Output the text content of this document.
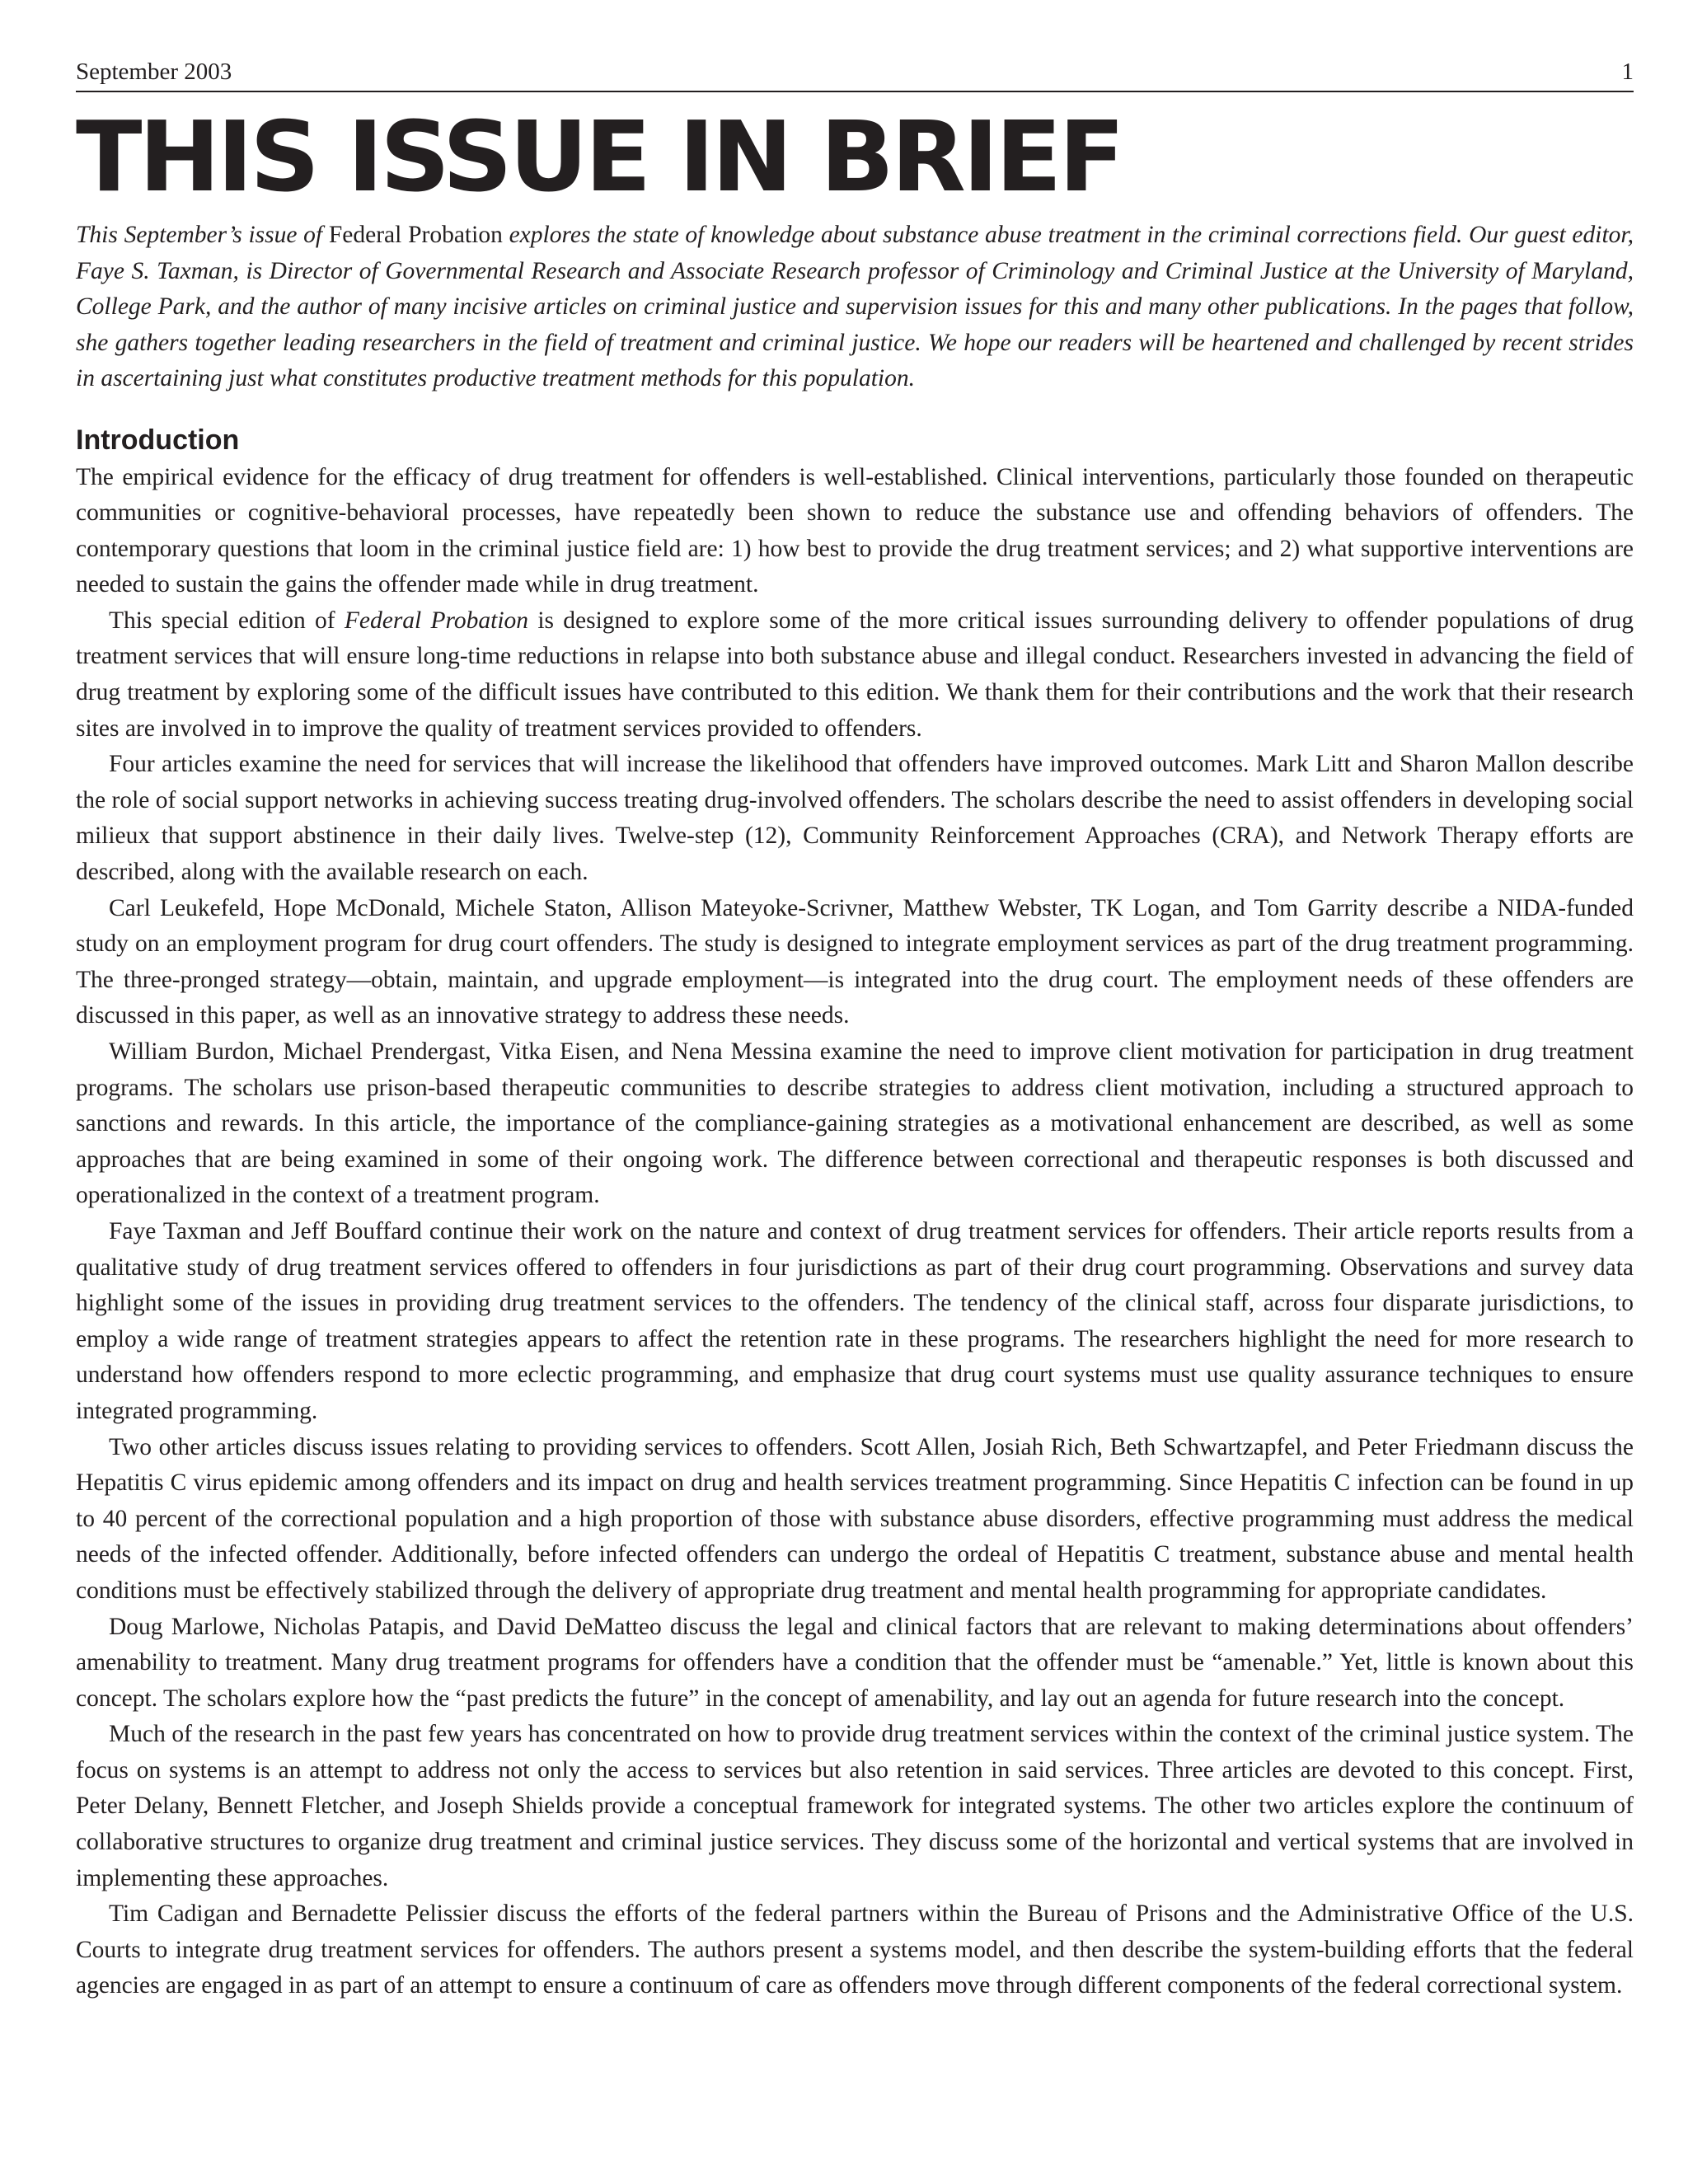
September 2003	1
THIS ISSUE IN BRIEF

This September’s issue of Federal Probation explores the state of knowledge about substance abuse treatment in the criminal corrections field. Our guest editor, Faye S. Taxman, is Director of Governmental Research and Associate Research professor of Criminology and Criminal Justice at the University of Maryland, College Park, and the author of many incisive articles on criminal justice and supervision issues for this and many other publications. In the pages that follow, she gathers together leading researchers in the field of treatment and criminal justice. We hope our readers will be heartened and challenged by recent strides in ascertaining just what constitutes productive treatment methods for this population.

Introduction

The empirical evidence for the efficacy of drug treatment for offenders is well-established. Clinical interventions, particularly those founded on therapeutic communities or cognitive-behavioral processes, have repeatedly been shown to reduce the substance use and offending behaviors of offenders. The contemporary questions that loom in the criminal justice field are: 1) how best to provide the drug treatment services; and 2) what supportive interventions are needed to sustain the gains the offender made while in drug treatment.

This special edition of Federal Probation is designed to explore some of the more critical issues surrounding delivery to offender populations of drug treatment services that will ensure long-time reductions in relapse into both substance abuse and illegal conduct. Researchers invested in advancing the field of drug treatment by exploring some of the difficult issues have contributed to this edition. We thank them for their contributions and the work that their research sites are involved in to improve the quality of treatment services provided to offenders.

Four articles examine the need for services that will increase the likelihood that offenders have improved outcomes. Mark Litt and Sharon Mallon describe the role of social support networks in achieving success treating drug-involved offenders. The scholars describe the need to assist offenders in developing social milieux that support abstinence in their daily lives. Twelve-step (12), Community Reinforcement Approaches (CRA), and Network Therapy efforts are described, along with the available research on each.

Carl Leukefeld, Hope McDonald, Michele Staton, Allison Mateyoke-Scrivner, Matthew Webster, TK Logan, and Tom Garrity describe a NIDA-funded study on an employment program for drug court offenders. The study is designed to integrate employment services as part of the drug treatment programming. The three-pronged strategy—obtain, maintain, and upgrade employment—is integrated into the drug court. The employment needs of these offenders are discussed in this paper, as well as an innovative strategy to address these needs.

William Burdon, Michael Prendergast, Vitka Eisen, and Nena Messina examine the need to improve client motivation for participation in drug treatment programs. The scholars use prison-based therapeutic communities to describe strategies to address client motivation, including a structured approach to sanctions and rewards. In this article, the importance of the compliance-gaining strategies as a motivational enhancement are described, as well as some approaches that are being examined in some of their ongoing work. The difference between correctional and therapeutic responses is both discussed and operationalized in the context of a treatment program.

Faye Taxman and Jeff Bouffard continue their work on the nature and context of drug treatment services for offenders. Their article reports results from a qualitative study of drug treatment services offered to offenders in four jurisdictions as part of their drug court programming. Observations and survey data highlight some of the issues in providing drug treatment services to the offenders. The tendency of the clinical staff, across four disparate jurisdictions, to employ a wide range of treatment strategies appears to affect the retention rate in these programs. The researchers highlight the need for more research to understand how offenders respond to more eclectic programming, and emphasize that drug court systems must use quality assurance techniques to ensure integrated programming.

Two other articles discuss issues relating to providing services to offenders. Scott Allen, Josiah Rich, Beth Schwartzapfel, and Peter Friedmann discuss the Hepatitis C virus epidemic among offenders and its impact on drug and health services treatment programming. Since Hepatitis C infection can be found in up to 40 percent of the correctional population and a high proportion of those with substance abuse disorders, effective programming must address the medical needs of the infected offender. Additionally, before infected offenders can undergo the ordeal of Hepatitis C treatment, substance abuse and mental health conditions must be effectively stabilized through the delivery of appropriate drug treatment and mental health programming for appropriate candidates.

Doug Marlowe, Nicholas Patapis, and David DeMatteo discuss the legal and clinical factors that are relevant to making determinations about offenders’ amenability to treatment. Many drug treatment programs for offenders have a condition that the offender must be “amenable.” Yet, little is known about this concept. The scholars explore how the “past predicts the future” in the concept of amenability, and lay out an agenda for future research into the concept.

Much of the research in the past few years has concentrated on how to provide drug treatment services within the context of the criminal justice system. The focus on systems is an attempt to address not only the access to services but also retention in said services. Three articles are devoted to this concept. First, Peter Delany, Bennett Fletcher, and Joseph Shields provide a conceptual framework for integrated systems. The other two articles explore the continuum of collaborative structures to organize drug treatment and criminal justice services. They discuss some of the horizontal and vertical systems that are involved in implementing these approaches.

Tim Cadigan and Bernadette Pelissier discuss the efforts of the federal partners within the Bureau of Prisons and the Administrative Office of the U.S. Courts to integrate drug treatment services for offenders. The authors present a systems model, and then describe the system-building efforts that the federal agencies are engaged in as part of an attempt to ensure a continuum of care as offenders move through different components of the federal correctional system.
